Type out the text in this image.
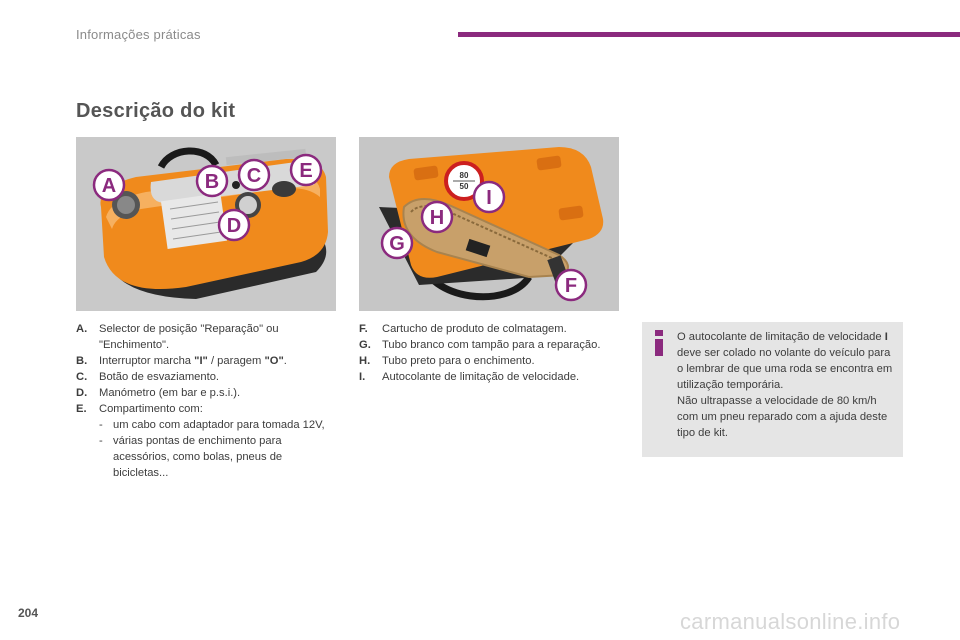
Informações práticas
Descrição do kit
A	B C
D
E	80
50
F
G
H
I
A.	Selector de posição "Reparação" ou "Enchimento".
B.	Interruptor marcha "I" / paragem "O".
C.	Botão de esvaziamento.
D.	Manómetro (em bar e p.s.i.).
E.	Compartimento com:
- um cabo com adaptador para tomada 12V,
- várias pontas de enchimento para acessórios, como bolas, pneus de bicicletas...
F.	Cartucho de produto de colmatagem.
G. Tubo branco com tampão para a reparação.
H.	Tubo preto para o enchimento.
I.	Autocolante de limitação de velocidade.
O autocolante de limitação de velocidade I deve ser colado no volante do veículo para o lembrar de que uma roda se encontra em utilização temporária.
Não ultrapasse a velocidade de 80 km/h com um pneu reparado com a ajuda deste tipo de kit.
204	carmanualsonline.info
